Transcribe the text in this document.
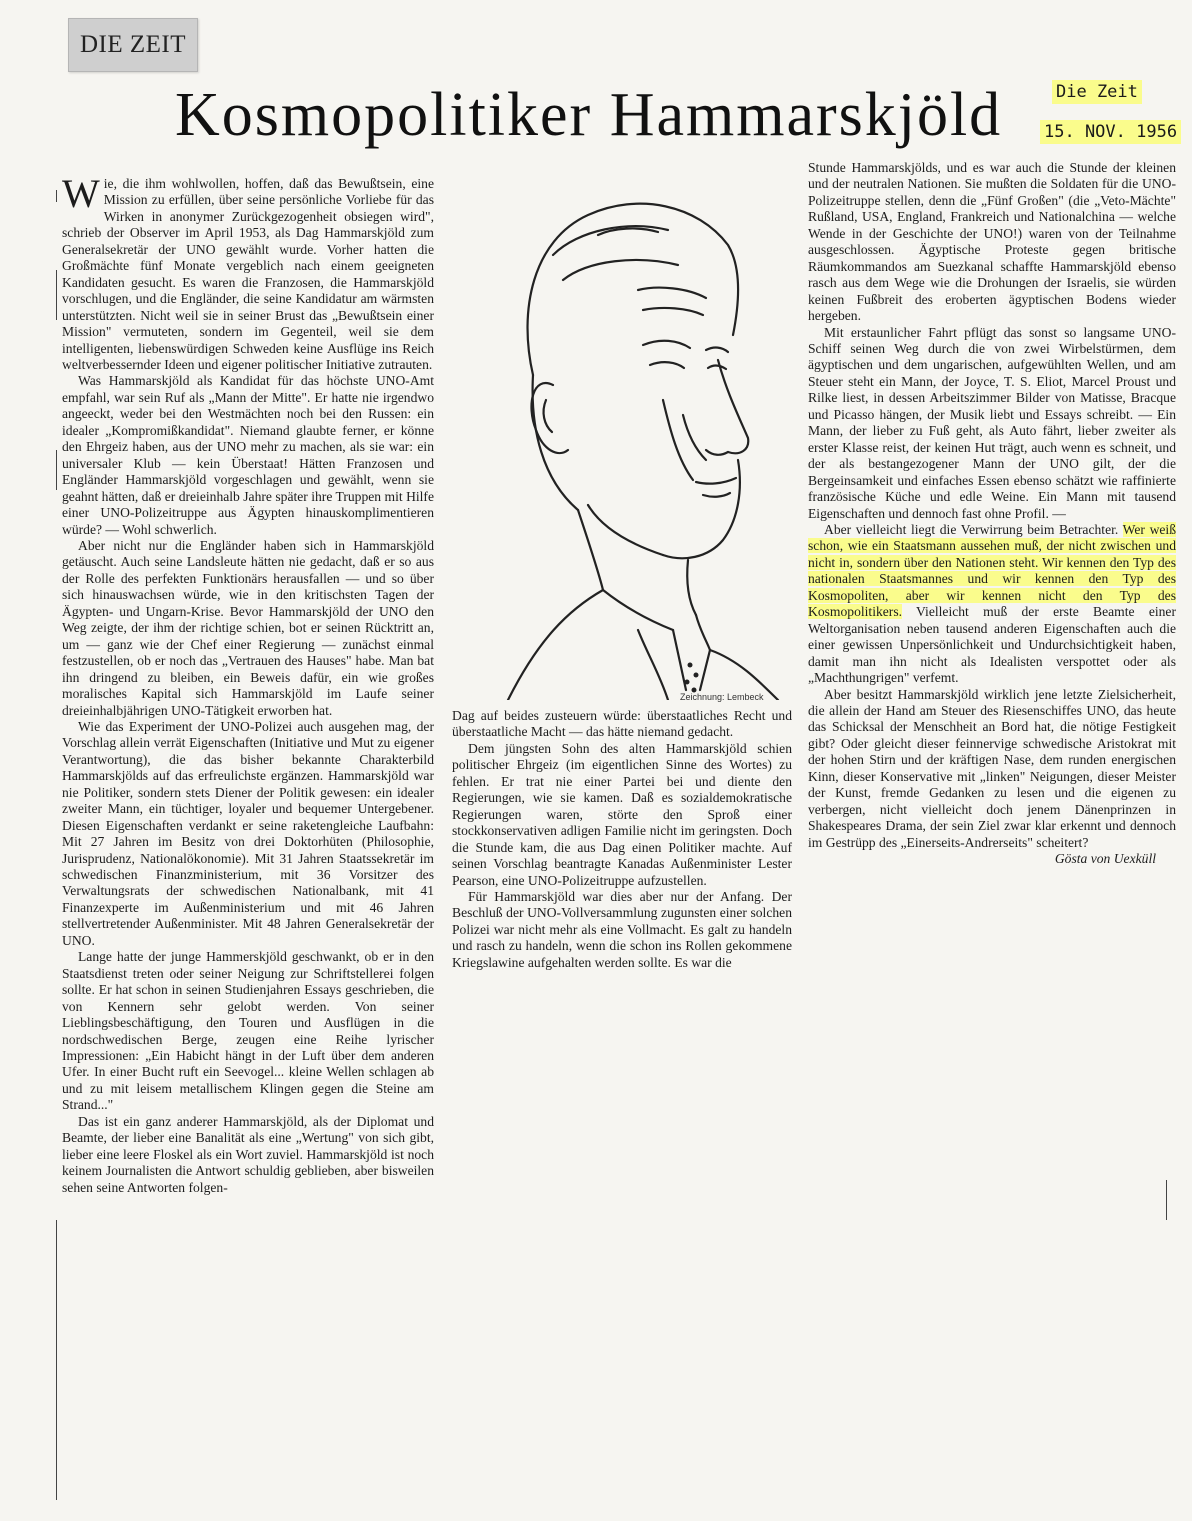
DIE ZEIT
Kosmopolitiker Hammarskjöld	Die Zeit
15. NOV. 1956

Wie, die ihm wohlwollen, hoffen, daß das Bewußtsein, eine Mission zu erfüllen, über seine persönliche Vorliebe für das Wirken in anonymer Zurückgezogenheit obsiegen wird", schrieb der Observer im April 1953, als Dag Hammarskjöld zum Generalsekretär der UNO gewählt wurde. Vorher hatten die Großmächte fünf Monate vergeblich nach einem geeigneten Kandidaten gesucht. Es waren die Franzosen, die Hammarskjöld vorschlugen, und die Engländer, die seine Kandidatur am wärmsten unterstützten. Nicht weil sie in seiner Brust das „Bewußtsein einer Mission" vermuteten, sondern im Gegenteil, weil sie dem intelligenten, liebenswürdigen Schweden keine Ausflüge ins Reich weltverbessernder Ideen und eigener politischer Initiative zutrauten.

Was Hammarskjöld als Kandidat für das höchste UNO-Amt empfahl, war sein Ruf als „Mann der Mitte". Er hatte nie irgendwo angeeckt, weder bei den Westmächten noch bei den Russen: ein idealer „Kompromißkandidat". Niemand glaubte ferner, er könne den Ehrgeiz haben, aus der UNO mehr zu machen, als sie war: ein universaler Klub — kein Überstaat! Hätten Franzosen und Engländer Hammarskjöld vorgeschlagen und gewählt, wenn sie geahnt hätten, daß er dreieinhalb Jahre später ihre Truppen mit Hilfe einer UNO-Polizeitruppe aus Ägypten hinauskomplimentieren würde? — Wohl schwerlich.

Aber nicht nur die Engländer haben sich in Hammarskjöld getäuscht. Auch seine Landsleute hätten nie gedacht, daß er so aus der Rolle des perfekten Funktionärs herausfallen — und so über sich hinauswachsen würde, wie in den kritischsten Tagen der Ägypten- und Ungarn-Krise. Bevor Hammarskjöld der UNO den Weg zeigte, der ihm der richtige schien, bot er seinen Rücktritt an, um — ganz wie der Chef einer Regierung — zunächst einmal festzustellen, ob er noch das „Vertrauen des Hauses" habe. Man bat ihn dringend zu bleiben, ein Beweis dafür, ein wie großes moralisches Kapital sich Hammarskjöld im Laufe seiner dreieinhalbjährigen UNO-Tätigkeit erworben hat.

Wie das Experiment der UNO-Polizei auch ausgehen mag, der Vorschlag allein verrät Eigenschaften (Initiative und Mut zu eigener Verantwortung), die das bisher bekannte Charakterbild Hammarskjölds auf das erfreulichste ergänzen. Hammarskjöld war nie Politiker, sondern stets Diener der Politik gewesen: ein idealer zweiter Mann, ein tüchtiger, loyaler und bequemer Untergebener. Diesen Eigenschaften verdankt er seine raketengleiche Laufbahn: Mit 27 Jahren im Besitz von drei Doktorhüten (Philosophie, Jurisprudenz, Nationalökonomie). Mit 31 Jahren Staatssekretär im schwedischen Finanzministerium, mit 36 Vorsitzer des Verwaltungsrats der schwedischen Nationalbank, mit 41 Finanzexperte im Außenministerium und mit 46 Jahren stellvertretender Außenminister. Mit 48 Jahren Generalsekretär der UNO.

Lange hatte der junge Hammerskjöld geschwankt, ob er in den Staatsdienst treten oder seiner Neigung zur Schriftstellerei folgen sollte. Er hat schon in seinen Studienjahren Essays geschrieben, die von Kennern sehr gelobt werden. Von seiner Lieblingsbeschäftigung, den Touren und Ausflügen in die nordschwedischen Berge, zeugen eine Reihe lyrischer Impressionen: „Ein Habicht hängt in der Luft über dem anderen Ufer. In einer Bucht ruft ein Seevogel... kleine Wellen schlagen ab und zu mit leisem metallischem Klingen gegen die Steine am Strand..."

Das ist ein ganz anderer Hammarskjöld, als der Diplomat und Beamte, der lieber eine Banalität als eine „Wertung" von sich gibt, lieber eine leere Floskel als ein Wort zuviel. Hammarskjöld ist noch keinem Journalisten die Antwort schuldig geblieben, aber bisweilen sehen seine Antworten folgen-

Zeichnung: Lembeck

Dag auf beides zusteuern würde: überstaatliches Recht und überstaatliche Macht — das hätte niemand gedacht.

Dem jüngsten Sohn des alten Hammarskjöld schien politischer Ehrgeiz (im eigentlichen Sinne des Wortes) zu fehlen. Er trat nie einer Partei bei und diente den Regierungen, wie sie kamen. Daß es sozialdemokratische Regierungen waren, störte den Sproß einer stockkonservativen adligen Familie nicht im geringsten. Doch die Stunde kam, die aus Dag einen Politiker machte. Auf seinen Vorschlag beantragte Kanadas Außenminister Lester Pearson, eine UNO-Polizeitruppe aufzustellen.

Für Hammarskjöld war dies aber nur der Anfang. Der Beschluß der UNO-Vollversammlung zugunsten einer solchen Polizei war nicht mehr als eine Vollmacht. Es galt zu handeln und rasch zu handeln, wenn die schon ins Rollen gekommene Kriegslawine aufgehalten werden sollte. Es war die

Stunde Hammarskjölds, und es war auch die Stunde der kleinen und der neutralen Nationen. Sie mußten die Soldaten für die UNO-Polizeitruppe stellen, denn die „Fünf Großen" (die „Veto-Mächte" Rußland, USA, England, Frankreich und Nationalchina — welche Wende in der Geschichte der UNO!) waren von der Teilnahme ausgeschlossen. Ägyptische Proteste gegen britische Räumkommandos am Suezkanal schaffte Hammarskjöld ebenso rasch aus dem Wege wie die Drohungen der Israelis, sie würden keinen Fußbreit des eroberten ägyptischen Bodens wieder hergeben.

Mit erstaunlicher Fahrt pflügt das sonst so langsame UNO-Schiff seinen Weg durch die von zwei Wirbelstürmen, dem ägyptischen und dem ungarischen, aufgewühlten Wellen, und am Steuer steht ein Mann, der Joyce, T. S. Eliot, Marcel Proust und Rilke liest, in dessen Arbeitszimmer Bilder von Matisse, Bracque und Picasso hängen, der Musik liebt und Essays schreibt. — Ein Mann, der lieber zu Fuß geht, als Auto fährt, lieber zweiter als erster Klasse reist, der keinen Hut trägt, auch wenn es schneit, und der als bestangezogener Mann der UNO gilt, der die Bergeinsamkeit und einfaches Essen ebenso schätzt wie raffinierte französische Küche und edle Weine. Ein Mann mit tausend Eigenschaften und dennoch fast ohne Profil. —

Aber vielleicht liegt die Verwirrung beim Betrachter. Wer weiß schon, wie ein Staatsmann aussehen muß, der nicht zwischen und nicht in, sondern über den Nationen steht. Wir kennen den Typ des nationalen Staatsmannes und wir kennen den Typ des Kosmopoliten, aber wir kennen nicht den Typ des Kosmopolitikers. Vielleicht muß der erste Beamte einer Weltorganisation neben tausend anderen Eigenschaften auch die einer gewissen Unpersönlichkeit und Undurchsichtigkeit haben, damit man ihn nicht als Idealisten verspottet oder als „Machthungrigen" verfemt.

Aber besitzt Hammarskjöld wirklich jene letzte Zielsicherheit, die allein der Hand am Steuer des Riesenschiffes UNO, das heute das Schicksal der Menschheit an Bord hat, die nötige Festigkeit gibt? Oder gleicht dieser feinnervige schwedische Aristokrat mit der hohen Stirn und der kräftigen Nase, dem runden energischen Kinn, dieser Konservative mit „linken" Neigungen, dieser Meister der Kunst, fremde Gedanken zu lesen und die eigenen zu verbergen, nicht vielleicht doch jenem Dänenprinzen in Shakespeares Drama, der sein Ziel zwar klar erkennt und dennoch im Gestrüpp des „Einerseits-Andrerseits" scheitert?

Gösta von Uexküll
